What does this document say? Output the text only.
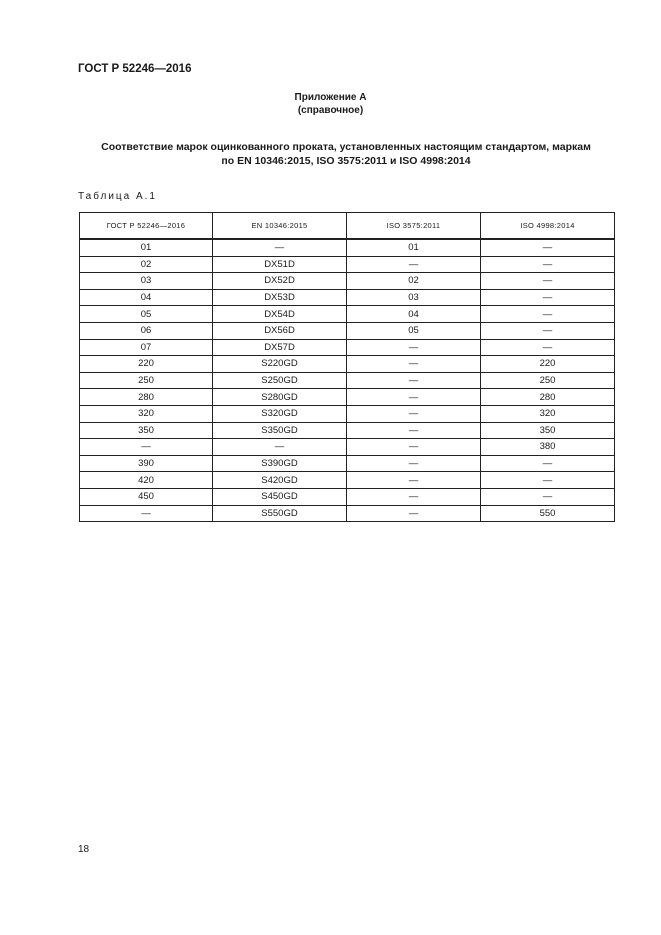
ГОСТ Р 52246—2016
Приложение А
(справочное)
Соответствие марок оцинкованного проката, установленных настоящим стандартом, маркам
по EN 10346:2015, ISO 3575:2011 и ISO 4998:2014
Таблица А.1
ГОСТ Р 52246—2016	EN 10346:2015	ISO 3575:2011	ISO 4998:2014
01	—	01	—
02	DX51D	—	—
03	DX52D	02	—
04	DX53D	03	—
05	DX54D	04	—
06	DX56D	05	—
07	DX57D	—	—
220	S220GD	—	220
250	S250GD	—	250
280	S280GD	—	280
320	S320GD	—	320
350	S350GD	—	350
—	—	—	380
390	S390GD	—	—
420	S420GD	—	—
450	S450GD	—	—
—	S550GD	—	550
18
